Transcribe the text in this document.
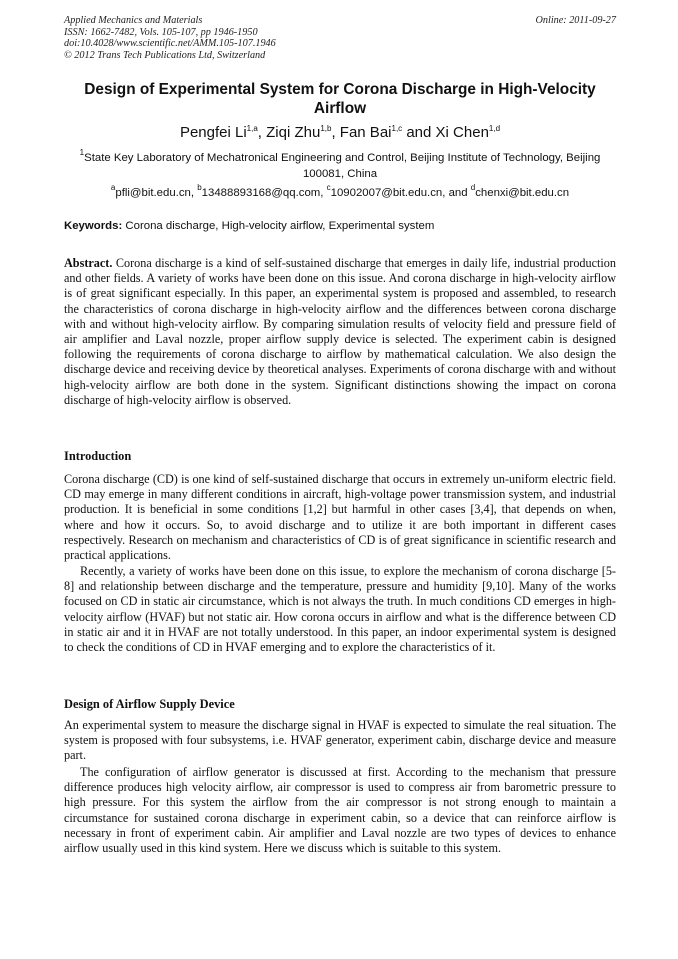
Applied Mechanics and Materials
ISSN: 1662-7482, Vols. 105-107, pp 1946-1950
doi:10.4028/www.scientific.net/AMM.105-107.1946
© 2012 Trans Tech Publications Ltd, Switzerland
Online: 2011-09-27
Design of Experimental System for Corona Discharge in High-Velocity Airflow
Pengfei Li$^{1,a}$, Ziqi Zhu$^{1,b}$, Fan Bai$^{1,c}$ and Xi Chen$^{1,d}$
$^1$State Key Laboratory of Mechatronical Engineering and Control, Beijing Institute of Technology, Beijing 100081, China
$^a$pfli@bit.edu.cn, $^b$13488893168@qq.com, $^c$10902007@bit.edu.cn, and $^d$chenxi@bit.edu.cn
Keywords: Corona discharge, High-velocity airflow, Experimental system

Abstract. Corona discharge is a kind of self-sustained discharge that emerges in daily life, industrial production and other fields. A variety of works have been done on this issue. And corona discharge in high-velocity airflow is of great significant especially. In this paper, an experimental system is proposed and assembled, to research the characteristics of corona discharge in high-velocity airflow and the differences between corona discharge with and without high-velocity airflow. By comparing simulation results of velocity field and pressure field of air amplifier and Laval nozzle, proper airflow supply device is selected. The experiment cabin is designed following the requirements of corona discharge to airflow by mathematical calculation. We also design the discharge device and receiving device by theoretical analyses. Experiments of corona discharge with and without high-velocity airflow are both done in the system. Significant distinctions showing the impact on corona discharge of high-velocity airflow is observed.

Introduction

Corona discharge (CD) is one kind of self-sustained discharge that occurs in extremely un-uniform electric field. CD may emerge in many different conditions in aircraft, high-voltage power transmission system, and industrial production. It is beneficial in some conditions [1,2] but harmful in other cases [3,4], that depends on when, where and how it occurs. So, to avoid discharge and to utilize it are both important in different cases respectively. Research on mechanism and characteristics of CD is of great significance in scientific research and practical applications.

Recently, a variety of works have been done on this issue, to explore the mechanism of corona discharge [5-8] and relationship between discharge and the temperature, pressure and humidity [9,10]. Many of the works focused on CD in static air circumstance, which is not always the truth. In much conditions CD emerges in high-velocity airflow (HVAF) but not static air. How corona occurs in airflow and what is the difference between CD in static air and it in HVAF are not totally understood. In this paper, an indoor experimental system is designed to check the conditions of CD in HVAF emerging and to explore the characteristics of it.

Design of Airflow Supply Device

An experimental system to measure the discharge signal in HVAF is expected to simulate the real situation. The system is proposed with four subsystems, i.e. HVAF generator, experiment cabin, discharge device and measure part.

The configuration of airflow generator is discussed at first. According to the mechanism that pressure difference produces high velocity airflow, air compressor is used to compress air from barometric pressure to high pressure. For this system the airflow from the air compressor is not strong enough to maintain a circumstance for sustained corona discharge in experiment cabin, so a device that can reinforce airflow is necessary in front of experiment cabin. Air amplifier and Laval nozzle are two types of devices to enhance airflow usually used in this kind system. Here we discuss which is suitable to this system.
